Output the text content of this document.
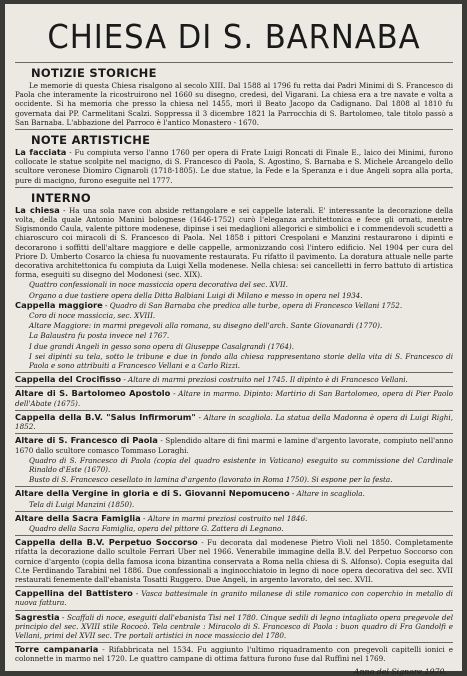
CHIESA DI S. BARNABA
NOTIZIE STORICHE
Le memorie di questa Chiesa risalgono al secolo XIII. Dal 1588 al 1796 fu retta dai Padri Minimi di S. Francesco di Paola che interamente la ricostruirono nel 1660 su disegno, credesi, del Vigarani. La chiesa era a tre navate e volta a occidente. Si ha memoria che presso la chiesa nel 1455, morì il Beato Jacopo da Cadignano. Dal 1808 al 1810 fu governata dai PP. Carmelitani Scalzi. Soppressa il 3 dicembre 1821 la Parrocchia di S. Bartolomeo, tale titolo passò a San Barnaba. L'abbazione del Parroco è l'antico Monastero - 1670.
NOTE ARTISTICHE
La facciata - Fu compiuta verso l'anno 1760 per opera di Frate Luigi Roncati di Finale E., laico dei Minimi, furono collocate le statue scolpite nel macigno, di S. Francesco di Paola, S. Agostino, S. Barnaba e S. Michele Arcangelo dello scultore veronese Diomiro Cignaroli (1718-1805). Le due statue, la Fede e la Speranza e i due Angeli sopra alla porta, pure di macigno, furono eseguite nel 1777.
INTERNO
La chiesa - Ha una sola nave con abside rettangolare e sei cappelle laterali. E' interessante la decorazione della volta, della quale Antonio Manini bolognese (1646-1752) curò l'eleganza architettonica e fece gli ornati, mentre Sigismondo Caula, valente pittore modenese, dipinse i sei medaglioni allegorici e simbolici e i commendevoli scudetti a chiaroscuro coi miracoli di S. Francesco di Paola. Nel 1858 i pittori Crespolani e Manzini restaurarono i dipinti e decorarono i soffitti dell'altare maggiore e delle cappelle, armonizzando così l'intero edificio. Nel 1904 per cura del Priore D. Umberto Cosarco la chiesa fu nuovamente restaurata. Fu rifatto il pavimento. La doratura attuale nelle parte decorativa architettonica fu compiuta da Luigi Xella modenese. Nella chiesa: sei cancelletti in ferro battuto di artistica forma, eseguiti su disegno del Modonesi (sec. XIX).
Quattro confessionali in noce massiccia opera decorativa del sec. XVII.
Organo a due tastiere opera della Ditta Balbiani Luigi di Milano e messo in opera nel 1934.
Cappella maggiore - Quadro di San Barnaba che predica alle turbe, opera di Francesco Vellani 1752.
Coro di noce massiccia, sec. XVIII.
Altare Maggiore: in marmi pregevoli alla romana, su disegno dell'arch. Sante Giovanardi (1770).
La Balaustra fu posta invece nel 1767.
I due grandi Angeli in gesso sono opera di Giuseppe Casalgrandi (1764).
I sei dipinti su tela, sotto le tribune e due in fondo alla chiesa rappresentano storie della vita di S. Francesco di Paola e sono attribuiti a Francesco Vellani e a Carlo Rizzi.
Cappella del Crocifisso - Altare di marmi preziosi costruito nel 1745. Il dipinto è di Francesco Vellani.
Altare di S. Bartolomeo Apostolo - Altare in marmo. Dipinto: Martirio di San Bartolomeo, opera di Pier Paolo dell'Abate (1675).
Cappella della B.V. "Salus Infirmorum" - Altare in scagliola. La statua della Madonna è opera di Luigi Righi, 1852.
Altare di S. Francesco di Paola - Splendido altare di fini marmi e lamine d'argento lavorate, compiuto nell'anno 1670 dallo scultore comasco Tommaso Loraghi.
Quadro di S. Francesco di Paola (copia del quadro esistente in Vaticano) eseguito su commissione del Cardinale Rinaldo d'Este (1670).
Busto di S. Francesco cesellato in lamina d'argento (lavorato in Roma 1750). Si espone per la festa.
Altare della Vergine in gloria e di S. Giovanni Nepomuceno - Altare in scagliola.
Tela di Luigi Manzini (1850).
Altare della Sacra Famiglia - Altare in marmi preziosi costruito nel 1846.
Quadro della Sacra Famiglia, opera del pittore G. Zattera di Legnano.
Cappella della B.V. Perpetuo Soccorso - Fu decorata dal modenese Pietro Violi nel 1850. Completamente rifatta la decorazione dallo scultole Ferrari Uber nel 1966. Venerabile immagine della B.V. del Perpetuo Soccorso con cornice d'argento (copia della famosa icona bizantina conservata a Roma nella chiesa di S. Alfonso). Copia eseguita dal C.te Ferdinando Tarabini nel 1886. Due confessionali a inginocchiatoio in legno di noce opera decorativa del sec. XVII restaurati fenemente dall'ebanista Tosatti Ruggero. Due Angeli, in argento lavorato, del sec. XVII.
Cappellina del Battistero - Vasca battesimale in granito milanese di stile romanico con coperchio in metallo di nuova fattura.
Sagrestia - Scaffali di noce, eseguiti dall'ebanista Tisi nel 1780. Cinque sedili di legno intagliato opera pregevole del principio del sec. XVIII stile Rococò. Tela centrale : Miracolo di S. Francesco di Paola : buon quadro di Fra Gandolfi e Vellani, primi del XVII sec. Tre portali artistici in noce massiccio del 1780.
Torre campanaria - Rifabbricata nel 1534. Fu aggiunto l'ultimo riquadramento con pregevoli capitelli ionici e colonnette in marmo nel 1720. Le quattro campane di ottima fattura furono fuse dal Ruffini nel 1769.
Anno del Signore 1970.
